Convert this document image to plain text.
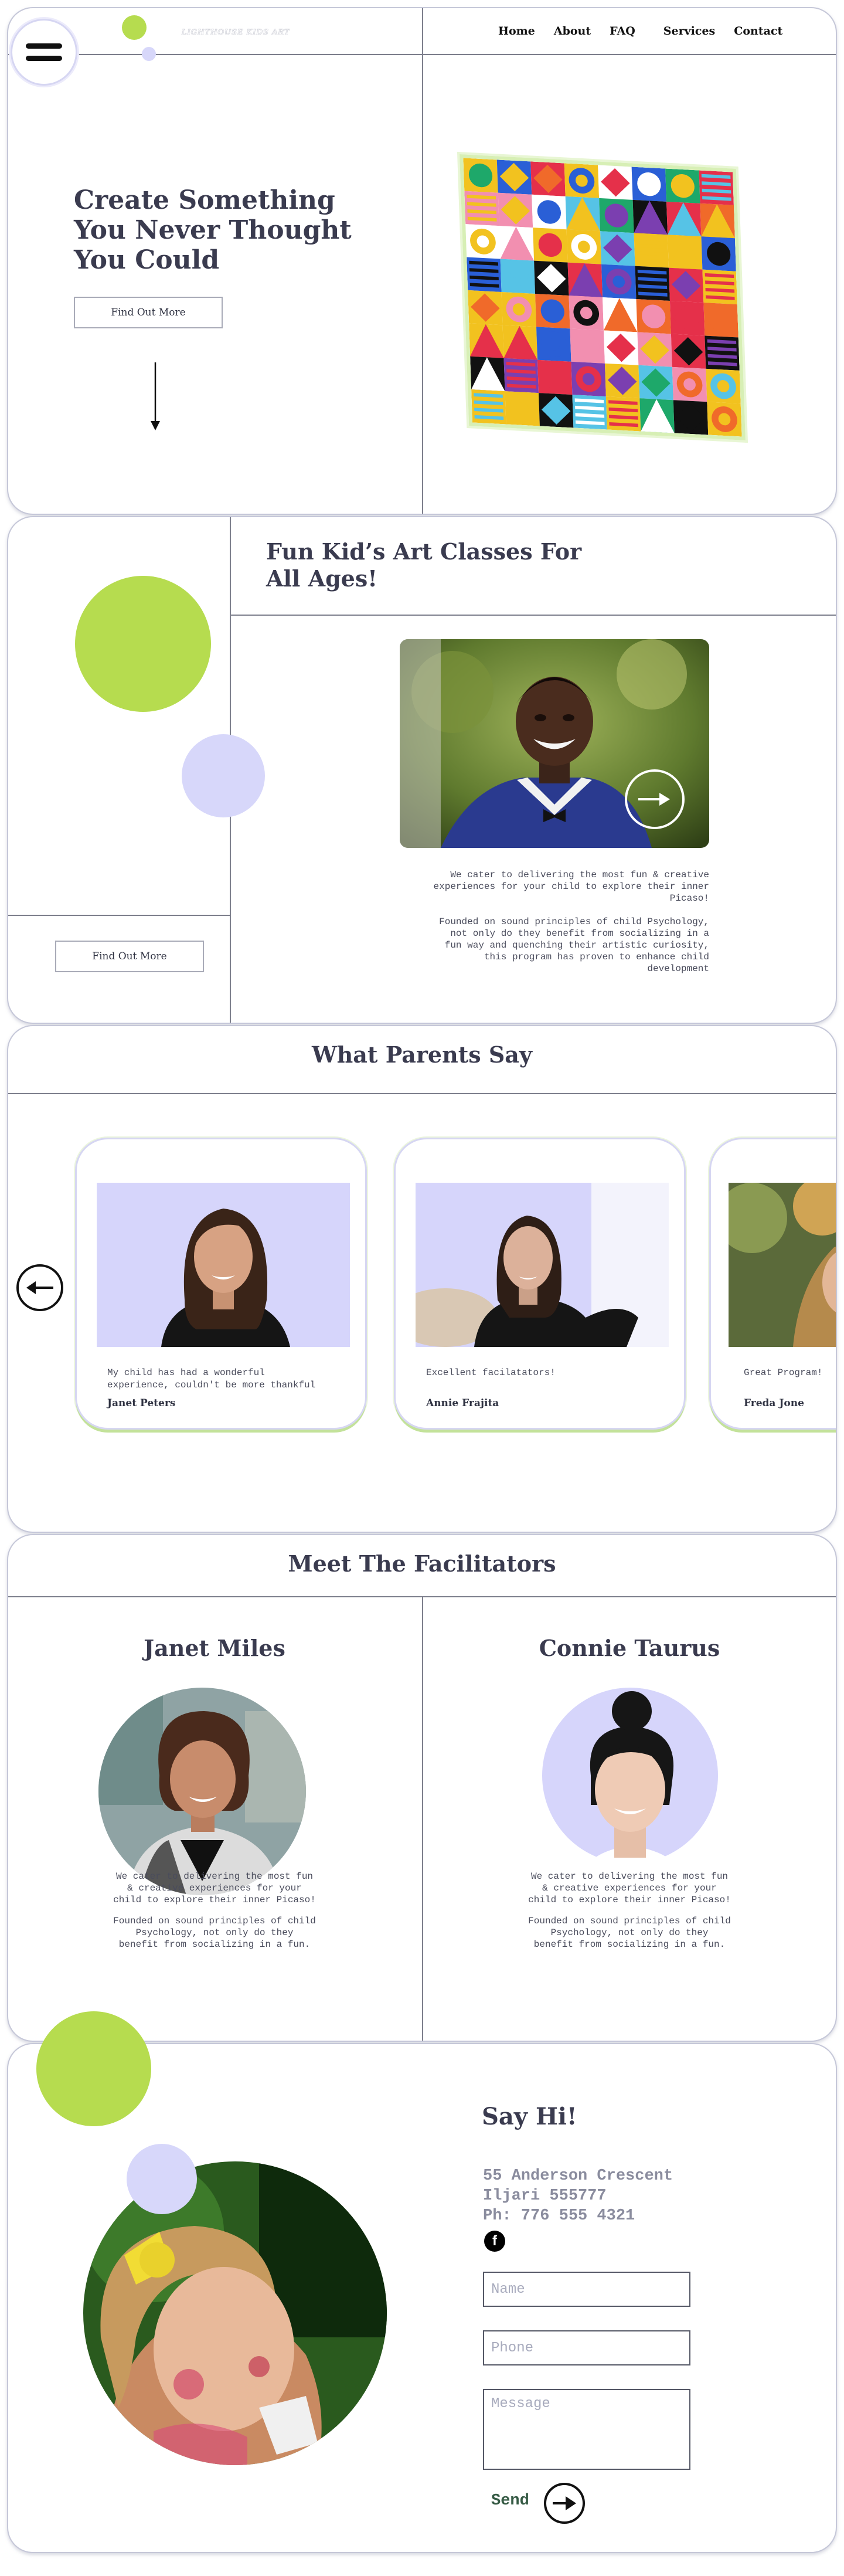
LIGHTHOUSE KIDS ART	Home About FAQ	Services Contact
Create Something
You Never Thought
You Could
Find Out More
Fun Kid’s Art Classes For
All Ages!
We cater to delivering the most fun & creative
experiences for your child to explore their inner
Picaso!
Founded on sound principles of child Psychology,
not only do they benefit from socializing in a
fun way and quenching their artistic curiosity,
this program has proven to enhance child
development
Find Out More
What Parents Say
My child has had a wonderful
experience, couldn't be more thankful
Janet Peters
Excellent facilatators!
Annie Frajita
Great Program!
Freda Jone
Meet The Facilitators
Janet Miles
We cater to delivering the most fun
& creative experiences for your
child to explore their inner Picaso!
Founded on sound principles of child
Psychology, not only do they
benefit from socializing in a fun.
Connie Taurus
We cater to delivering the most fun
& creative experiences for your
child to explore their inner Picaso!
Founded on sound principles of child
Psychology, not only do they
benefit from socializing in a fun.
Say Hi!
55 Anderson Crescent
Iljari 555777
Ph: 776 555 4321
f
Name
Phone
Message
Send
